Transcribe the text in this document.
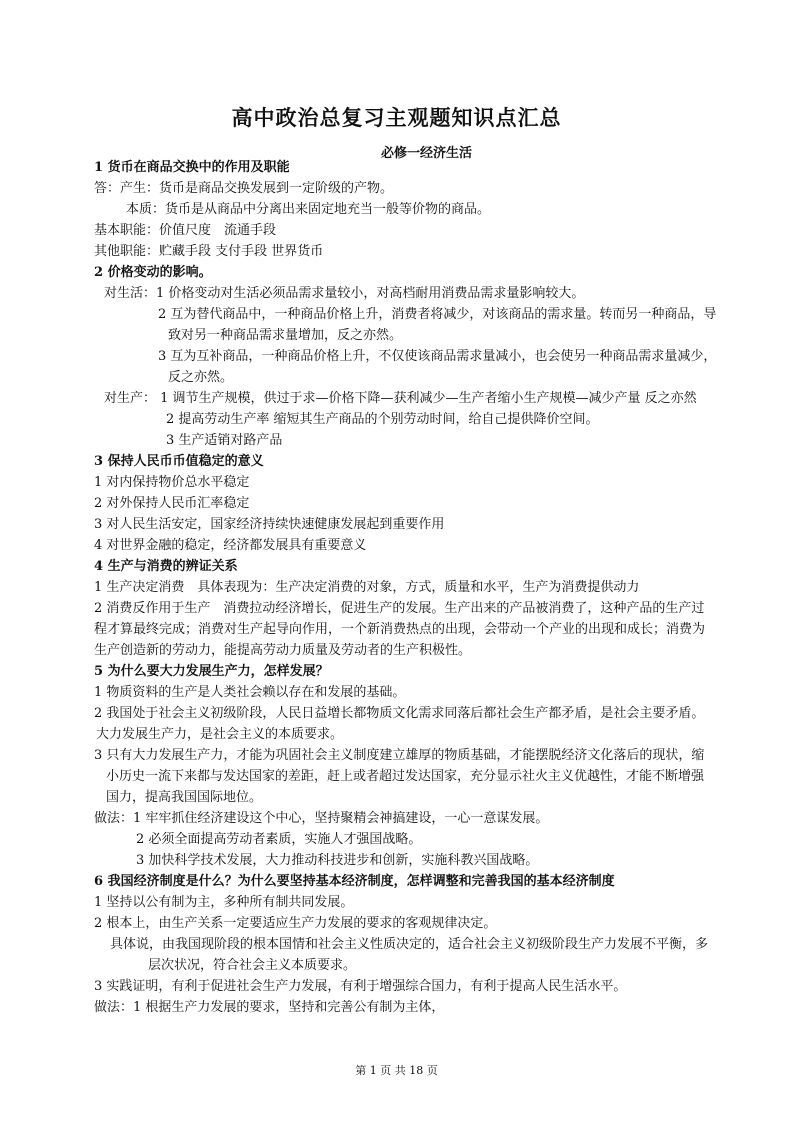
高中政治总复习主观题知识点汇总
必修一经济生活
1 货币在商品交换中的作用及职能
答：产生：货币是商品交换发展到一定阶级的产物。
本质：货币是从商品中分离出来固定地充当一般等价物的商品。
基本职能：价值尺度　流通手段
其他职能：贮藏手段 支付手段 世界货币
2 价格变动的影响。
对生活：1 价格变动对生活必须品需求量较小，对高档耐用消费品需求量影响较大。
2 互为替代商品中，一种商品价格上升，消费者将减少，对该商品的需求量。转而另一种商品，导
致对另一种商品需求量增加，反之亦然。
3 互为互补商品，一种商品价格上升，不仅使该商品需求量减小，也会使另一种商品需求量减少，
反之亦然。
对生产： 1 调节生产规模，供过于求—价格下降—获利减少—生产者缩小生产规模—减少产量 反之亦然
2 提高劳动生产率 缩短其生产商品的个别劳动时间，给自己提供降价空间。
3 生产适销对路产品
3 保持人民币币值稳定的意义
1 对内保持物价总水平稳定
2 对外保持人民币汇率稳定
3 对人民生活安定，国家经济持续快速健康发展起到重要作用
4 对世界金融的稳定，经济都发展具有重要意义
4 生产与消费的辨证关系
1 生产决定消费　具体表现为：生产决定消费的对象，方式，质量和水平，生产为消费提供动力
2 消费反作用于生产　消费拉动经济增长，促进生产的发展。生产出来的产品被消费了，这种产品的生产过
程才算最终完成；消费对生产起导向作用，一个新消费热点的出现，会带动一个产业的出现和成长；消费为
生产创造新的劳动力，能提高劳动力质量及劳动者的生产积极性。
5 为什么要大力发展生产力，怎样发展？
1 物质资料的生产是人类社会赖以存在和发展的基础。
2 我国处于社会主义初级阶段，人民日益增长都物质文化需求同落后都社会生产都矛盾，是社会主要矛盾。
大力发展生产力，是社会主义的本质要求。
3 只有大力发展生产力，才能为巩固社会主义制度建立雄厚的物质基础，才能摆脱经济文化落后的现状，缩
小历史一流下来都与发达国家的差距，赶上或者超过发达国家，充分显示社火主义优越性，才能不断增强
国力，提高我国国际地位。
做法：1 牢牢抓住经济建设这个中心，坚持聚精会神搞建设，一心一意谋发展。
2 必须全面提高劳动者素质，实施人才强国战略。
3 加快科学技术发展，大力推动科技进步和创新，实施科教兴国战略。
6 我国经济制度是什么？为什么要坚持基本经济制度，怎样调整和完善我国的基本经济制度
1 坚持以公有制为主，多种所有制共同发展。
2 根本上，由生产关系一定要适应生产力发展的要求的客观规律决定。
具体说，由我国现阶段的根本国情和社会主义性质决定的，适合社会主义初级阶段生产力发展不平衡，多
层次状况，符合社会主义本质要求。
3 实践证明，有利于促进社会生产力发展，有利于增强综合国力，有利于提高人民生活水平。
做法：1 根据生产力发展的要求，坚持和完善公有制为主体，
第 1 页 共 18 页
